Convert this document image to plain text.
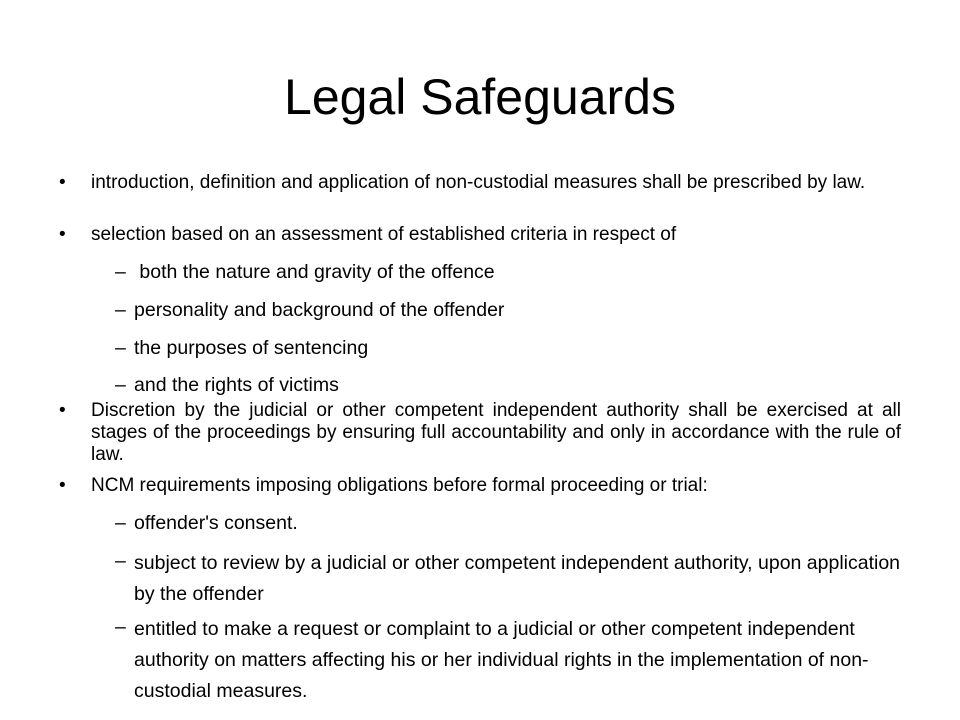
Legal Safeguards
• introduction, definition and application of non-custodial measures shall be prescribed by law.
• selection based on an assessment of established criteria in respect of
– both the nature and gravity of the offence
– personality and background of the offender
– the purposes of sentencing
– and the rights of victims
• Discretion by the judicial or other competent independent authority shall be exercised at all stages of the proceedings by ensuring full accountability and only in accordance with the rule of law.
• NCM requirements imposing obligations before formal proceeding or trial:
– offender's consent.
– subject to review by a judicial or other competent independent authority, upon application by the offender
– entitled to make a request or complaint to a judicial or other competent independent authority on matters affecting his or her individual rights in the implementation of non-custodial measures.
